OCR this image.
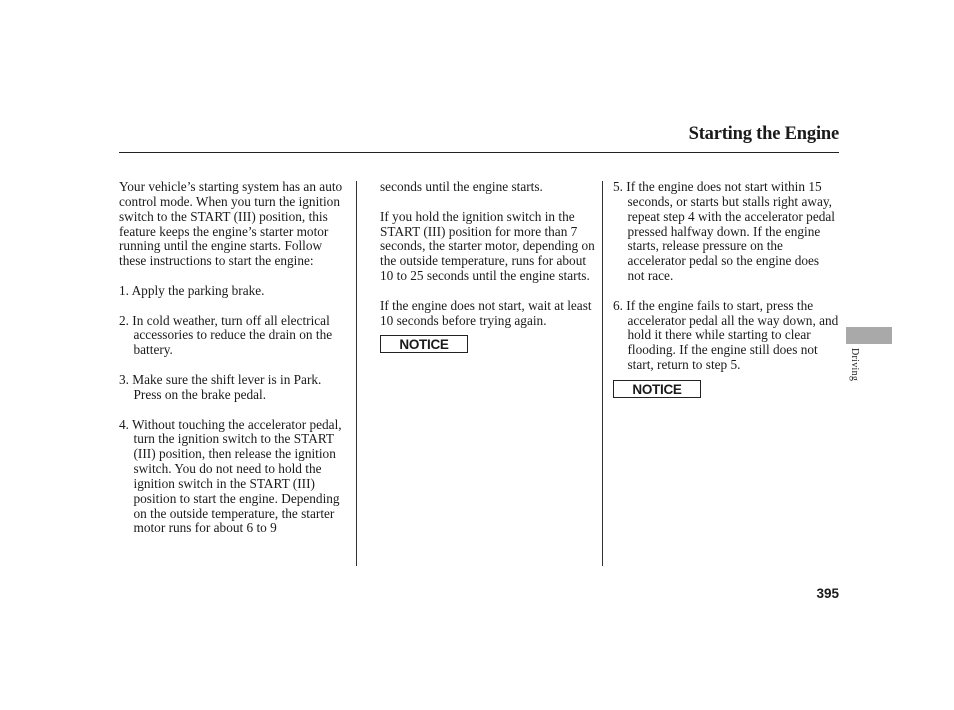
Starting the Engine

Your vehicle’s starting system has an auto control mode. When you turn the ignition switch to the START (III) position, this feature keeps the engine’s starter motor running until the engine starts. Follow these instructions to start the engine:

1. Apply the parking brake.
2. In cold weather, turn off all electrical accessories to reduce the drain on the battery.
3. Make sure the shift lever is in Park. Press on the brake pedal.
4. Without touching the accelerator pedal, turn the ignition switch to the START (III) position, then release the ignition switch. You do not need to hold the ignition switch in the START (III) position to start the engine. Depending on the outside temperature, the starter motor runs for about 6 to 9

seconds until the engine starts.

If you hold the ignition switch in the START (III) position for more than 7 seconds, the starter motor, depending on the outside temperature, runs for about 10 to 25 seconds until the engine starts.

If the engine does not start, wait at least 10 seconds before trying again.

NOTICE
5. If the engine does not start within 15 seconds, or starts but stalls right away, repeat step 4 with the accelerator pedal pressed halfway down. If the engine starts, release pressure on the accelerator pedal so the engine does not race.
6. If the engine fails to start, press the accelerator pedal all the way down, and hold it there while starting to clear flooding. If the engine still does not start, return to step 5.
NOTICE
Driving
395
